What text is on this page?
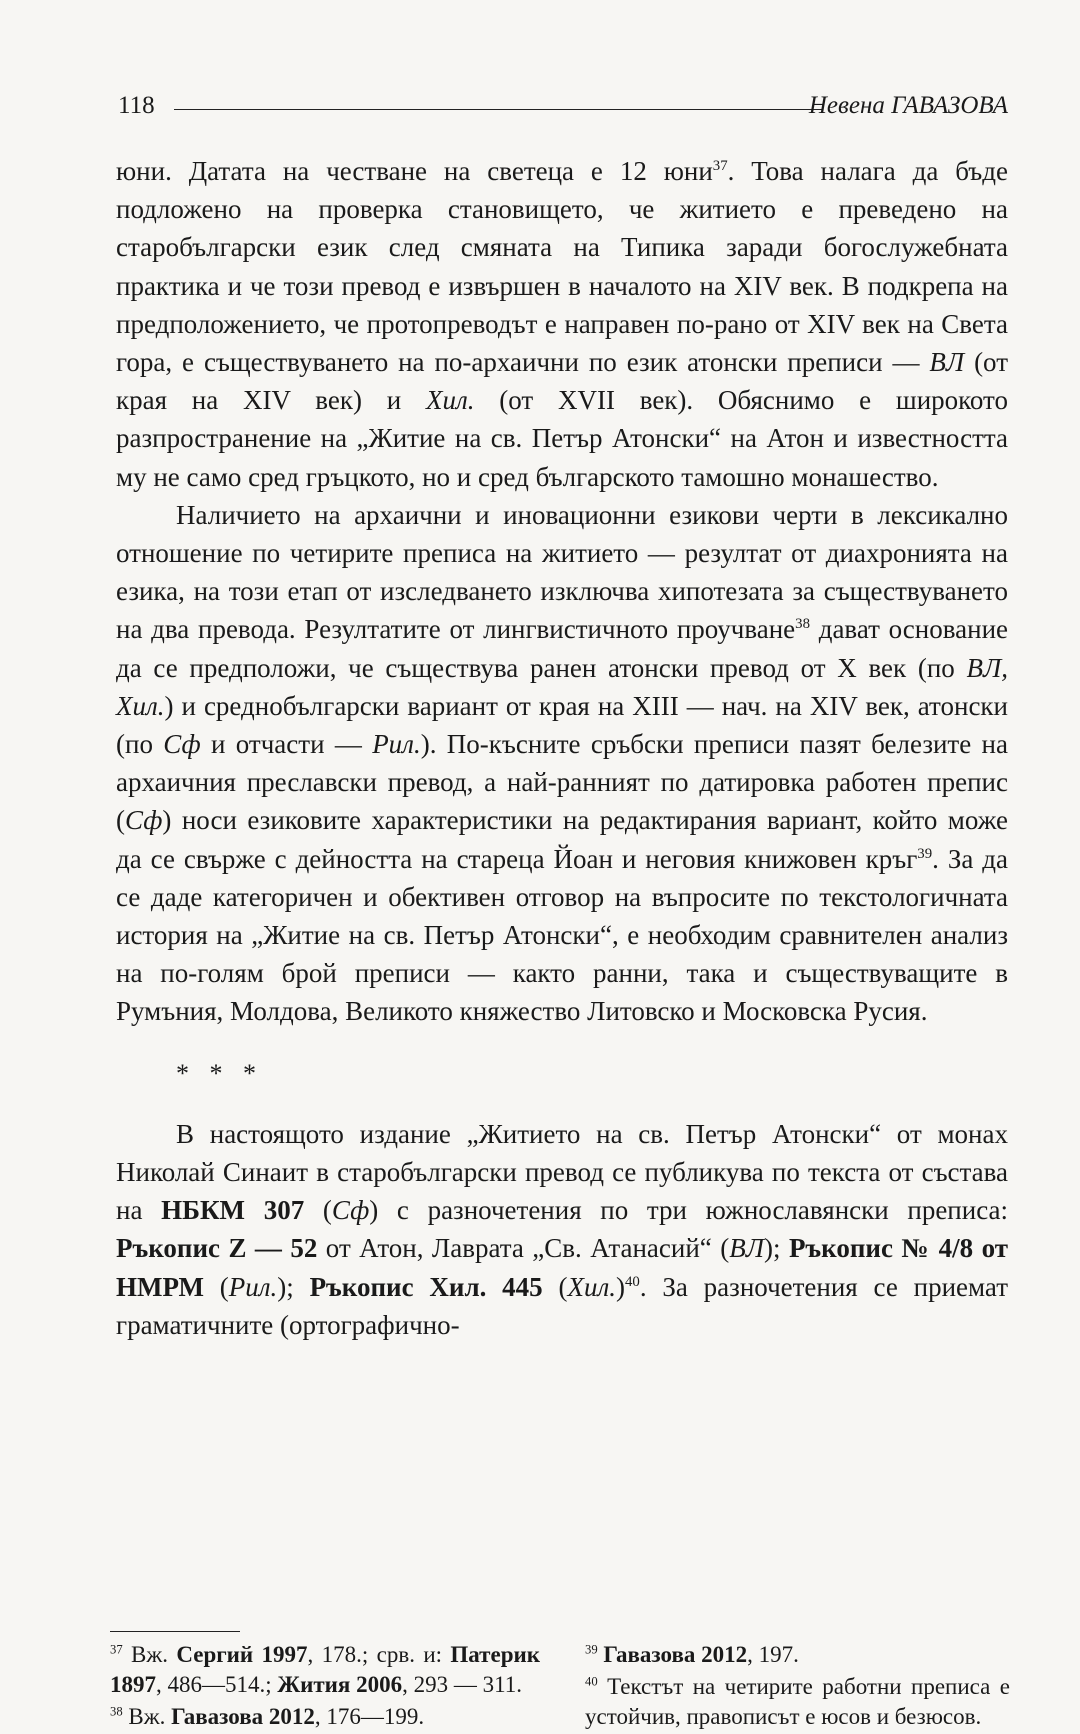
118	Невена ГАВАЗОВА

юни. Датата на честване на светеца е 12 юни$^{37}$. Това налага да бъде подложено на проверка становището, че житието е преведено на старобългарски език след смяната на Типика заради богослужебната практика и че този превод е извършен в началото на XIV век. В подкрепа на предположението, че протопреводът е направен по-рано от XIV век на Света гора, е съществуването на по-архаични по език атонски преписи — ВЛ (от края на XIV век) и Хил. (от XVII век). Обяснимо е широкото разпространение на „Житие на св. Петър Атонски“ на Атон и известността му не само сред гръцкото, но и сред българското тамошно монашество.

Наличието на архаични и иновационни езикови черти в лексикално отношение по четирите преписа на житието — резултат от диахронията на езика, на този етап от изследването изключва хипотезата за съществуването на два превода. Резултатите от лингвистичното проучване$^{38}$ дават основание да се предположи, че съществува ранен атонски превод от X век (по ВЛ, Хил.) и среднобългарски вариант от края на XIII — нач. на XIV век, атонски (по Сф и отчасти — Рил.). По-късните сръбски преписи пазят белезите на архаичния преславски превод, а най-ранният по датировка работен препис (Сф) носи езиковите характеристики на редактирания вариант, който може да се свърже с дейността на стареца Йоан и неговия книжовен кръг$^{39}$. За да се даде категоричен и обективен отговор на въпросите по текстологичната история на „Житие на св. Петър Атонски“, е необходим сравнителен анализ на по-голям брой преписи — както ранни, така и съществуващите в Румъния, Молдова, Великото княжество Литовско и Московска Русия.

* * *

В настоящото издание „Житието на св. Петър Атонски“ от монах Николай Синаит в старобългарски превод се публикува по текста от състава на НБКМ 307 (Сф) с разночетения по три южнославянски преписа: Ръкопис Z — 52 от Атон, Лаврата „Св. Атанасий“ (ВЛ); Ръкопис № 4/8 от НМРМ (Рил.); Ръкопис Хил. 445 $(Хил.)^{40}$. За разночетения се приемат граматичните (ортографично-

$^{37}$ Вж. Сергий 1997, 178.; срв. и: Патерик 1897, 486—514.; Жития 2006, 293 — 311.

$^{38}$ Вж. Гавазова 2012, 176—199.

$^{39}$ Гавазова 2012, 197.

$^{40}$ Текстът на четирите работни преписа е устойчив, правописът е юсов и безюсов.
